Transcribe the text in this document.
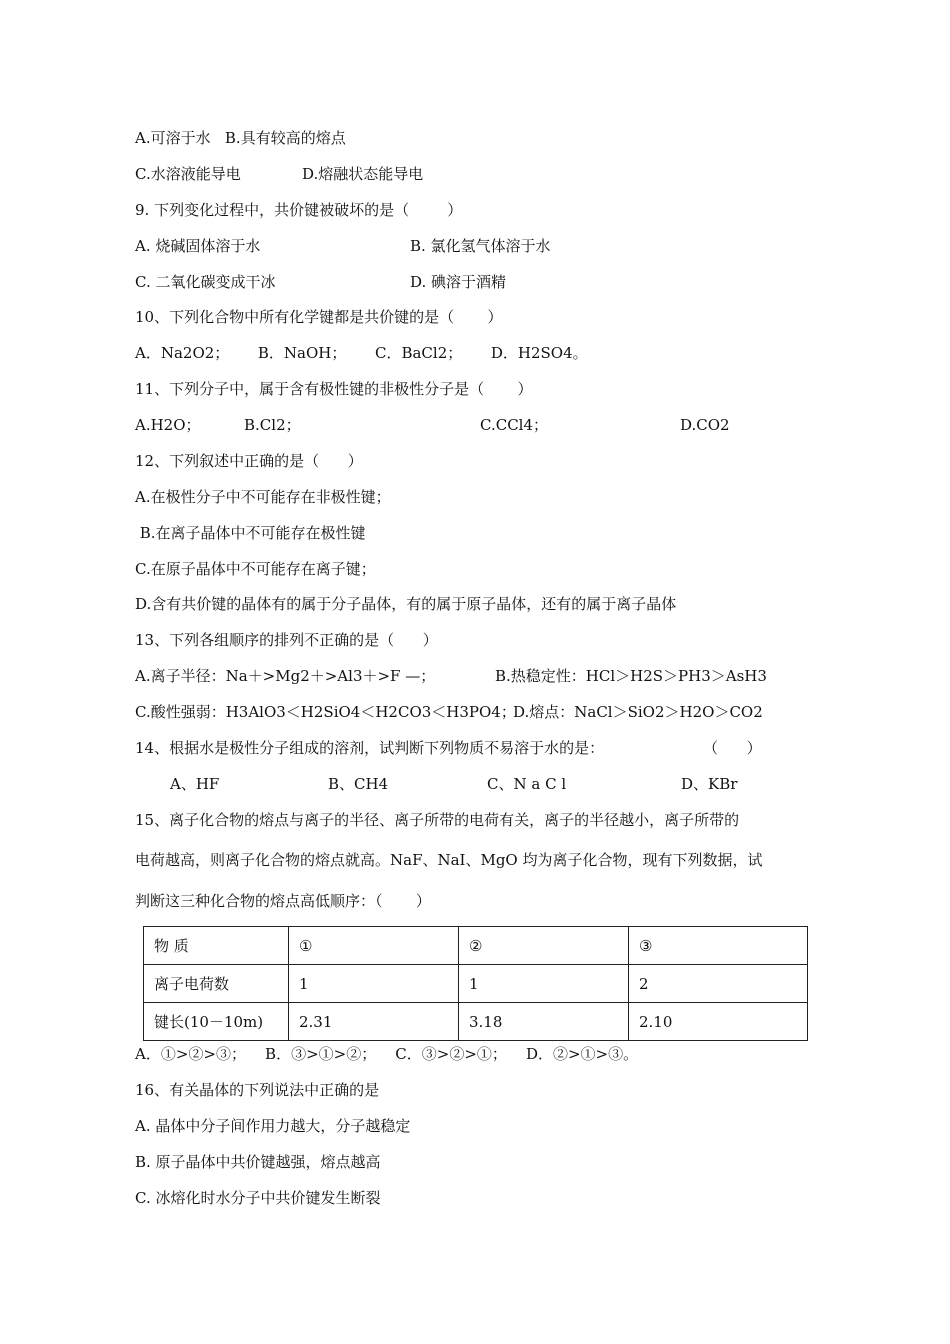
A.可溶于水   B.具有较高的熔点
C.水溶液能导电	D.熔融状态能导电
9. 下列变化过程中，共价键被破坏的是（        ）
A. 烧碱固体溶于水	B. 氯化氢气体溶于水
C. 二氧化碳变成干冰	D. 碘溶于酒精
10、下列化合物中所有化学键都是共价键的是（       ）
A．Na2O2；      B．NaOH；      C．BaCl2；      D．H2SO4。
11、下列分子中，属于含有极性键的非极性分子是（       ）
A.H2O；	B.Cl2；	C.CCl4；	D.CO2
12、下列叙述中正确的是（      ）
A.在极性分子中不可能存在非极性键；
B.在离子晶体中不可能存在极性键
C.在原子晶体中不可能存在离子键；
D.含有共价键的晶体有的属于分子晶体，有的属于原子晶体，还有的属于离子晶体
13、下列各组顺序的排列不正确的是（      ）
A.离子半径：Na＋>Mg2＋>Al3＋>F —；	B.热稳定性：HCl＞H2S＞PH3＞AsH3
C.酸性强弱：H3AlO3＜H2SiO4＜H2CO3＜H3PO4；
D.熔点：NaCl＞SiO2＞H2O＞CO2
14、根据水是极性分子组成的溶剂，试判断下列物质不易溶于水的是：	（      ）
A、HF	B、CH4	C、N a C l	D、KBr
15、离子化合物的熔点与离子的半径、离子所带的电荷有关，离子的半径越小，离子所带的
电荷越高，则离子化合物的熔点就高。NaF、NaI、MgO 均为离子化合物，现有下列数据，试
判断这三种化合物的熔点高低顺序：（       ）
物 质	①	②	③
离子电荷数	1	1	2
键长(10－10m)	2.31	3.18	2.10
A．①>②>③；    B．③>①>②；    C．③>②>①；    D．②>①>③。
16、有关晶体的下列说法中正确的是
A. 晶体中分子间作用力越大，分子越稳定
B. 原子晶体中共价键越强，熔点越高
C. 冰熔化时水分子中共价键发生断裂
